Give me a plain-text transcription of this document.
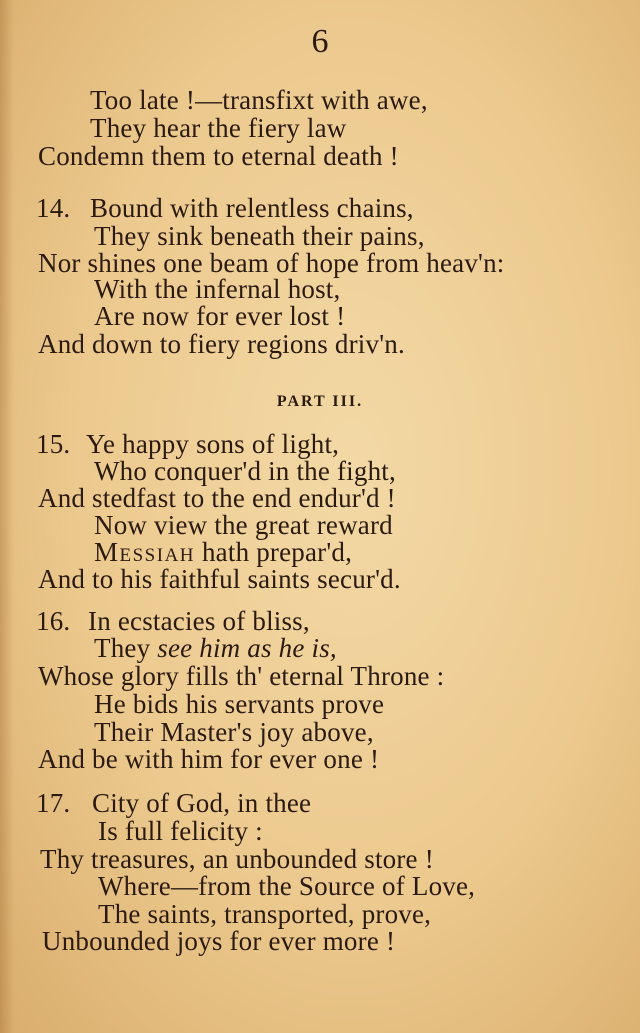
6
Too late !—transfixt with awe,
They hear the fiery law
Condemn them to eternal death !
14. Bound with relentless chains,
They sink beneath their pains,
Nor shines one beam of hope from heav'n:
With the infernal host,
Are now for ever lost !
And down to fiery regions driv'n.
PART III.
15. Ye happy sons of light,
Who conquer'd in the fight,
And stedfast to the end endur'd !
Now view the great reward
Messiah hath prepar'd,
And to his faithful saints secur'd.
16. In ecstacies of bliss,
They see him as he is,
Whose glory fills th' eternal Throne :
He bids his servants prove
Their Master's joy above,
And be with him for ever one !
17. City of God, in thee
Is full felicity :
Thy treasures, an unbounded store !
Where—from the Source of Love,
The saints, transported, prove,
Unbounded joys for ever more !
